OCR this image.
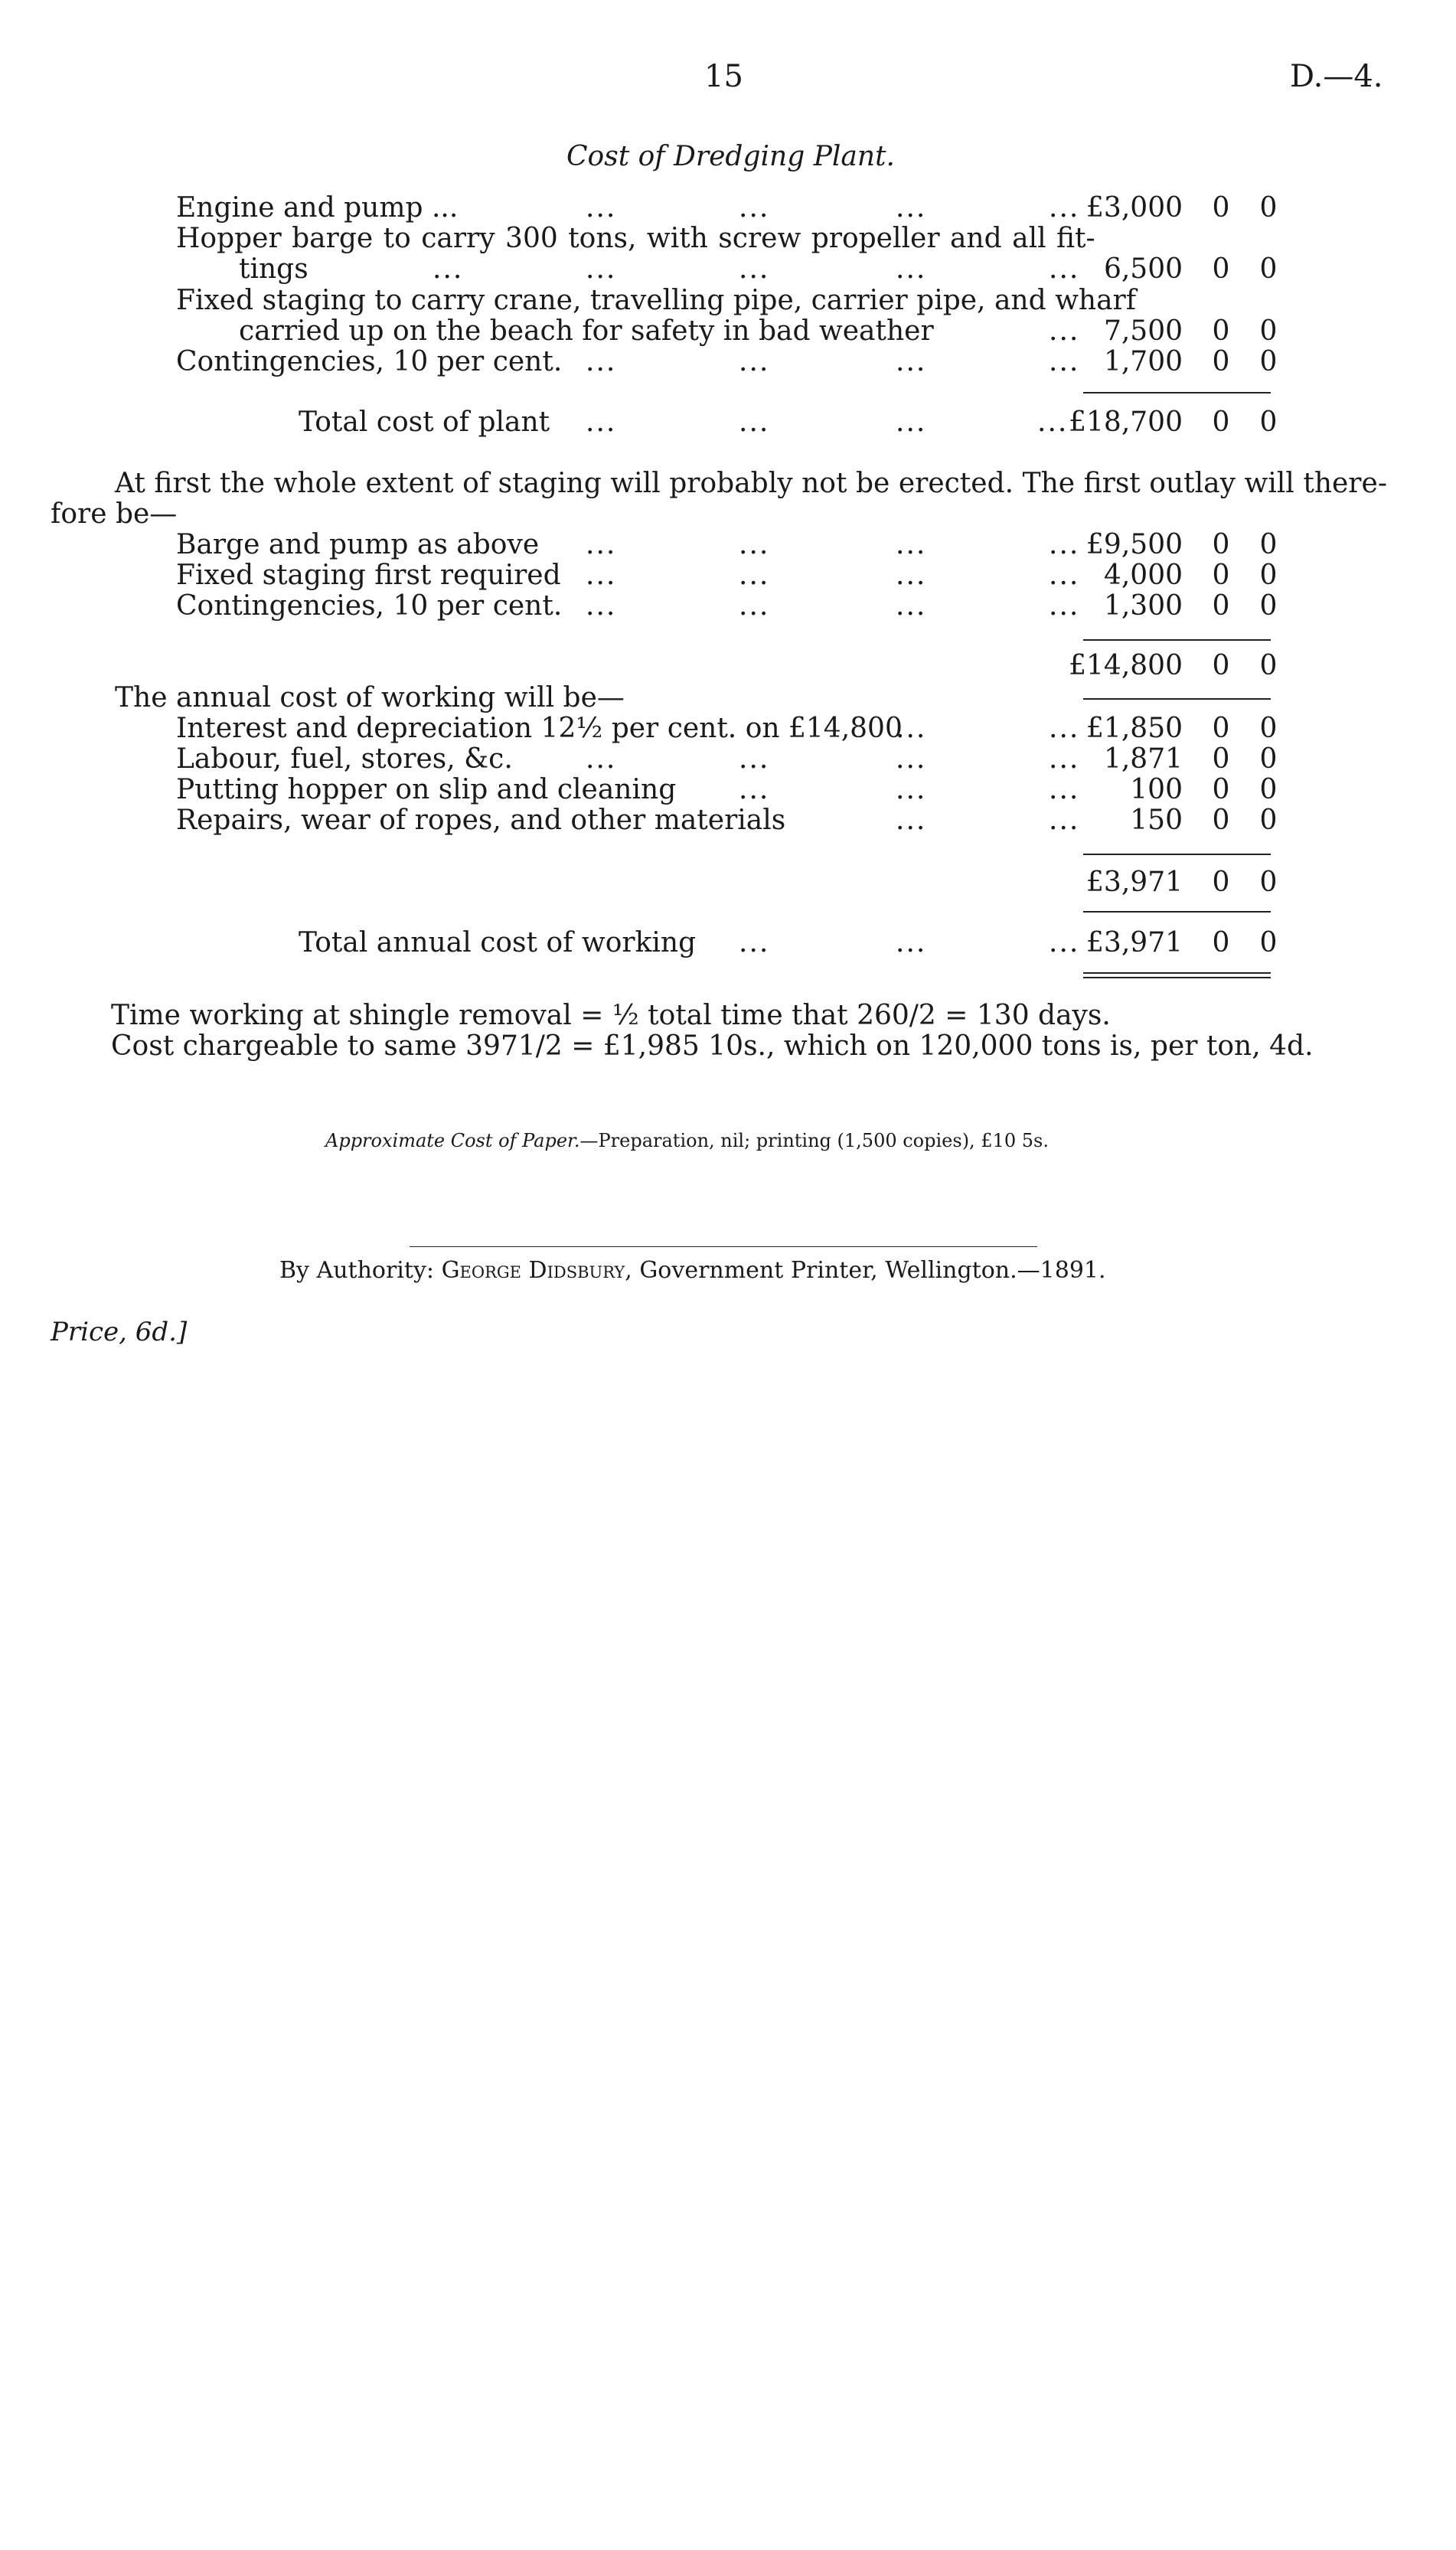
15	D.—4.
Cost of Dredging Plant.
Engine and pump ...	...	...	...	... £3,000 0 0
Hopper barge to carry 300 tons, with screw propeller and all fit-
tings	...	...	...	...	... 6,500 0 0
Fixed staging to carry crane, travelling pipe, carrier pipe, and wharf
carried up on the beach for safety in bad weather	... 7,500 0 0
Contingencies, 10 per cent. ...	...	...	... 1,700 0 0
Total cost of plant ...	...	...	... £18,700 0 0
At first the whole extent of staging will probably not be erected. The first outlay will there-
fore be—
Barge and pump as above ...	...	...	... £9,500 0 0
Fixed staging first required ...	...	...	... 4,000 0 0
Contingencies, 10 per cent. ...	...	...	... 1,300 0 0
£14,800 0 0
The annual cost of working will be—
Interest and depreciation 12½ per cent. on £14,800
...	... £1,850 0 0
Labour, fuel, stores, &c.	...	...	...	... 1,871 0 0
Putting hopper on slip and cleaning ...	...	...	100 0 0
Repairs, wear of ropes, and other materials	...	...	150 0 0
£3,971 0 0
Total annual cost of working ...	...	... £3,971 0 0
Time working at shingle removal = ½ total time that 260/2 = 130 days.
Cost chargeable to same 3971/2 = £1,985 10s., which on 120,000 tons is, per ton, 4d.
Approximate Cost of Paper.—Preparation, nil; printing (1,500 copies), £10 5s.
By Authority: George Didsbury, Government Printer, Wellington.—1891.
Price, 6d.]
